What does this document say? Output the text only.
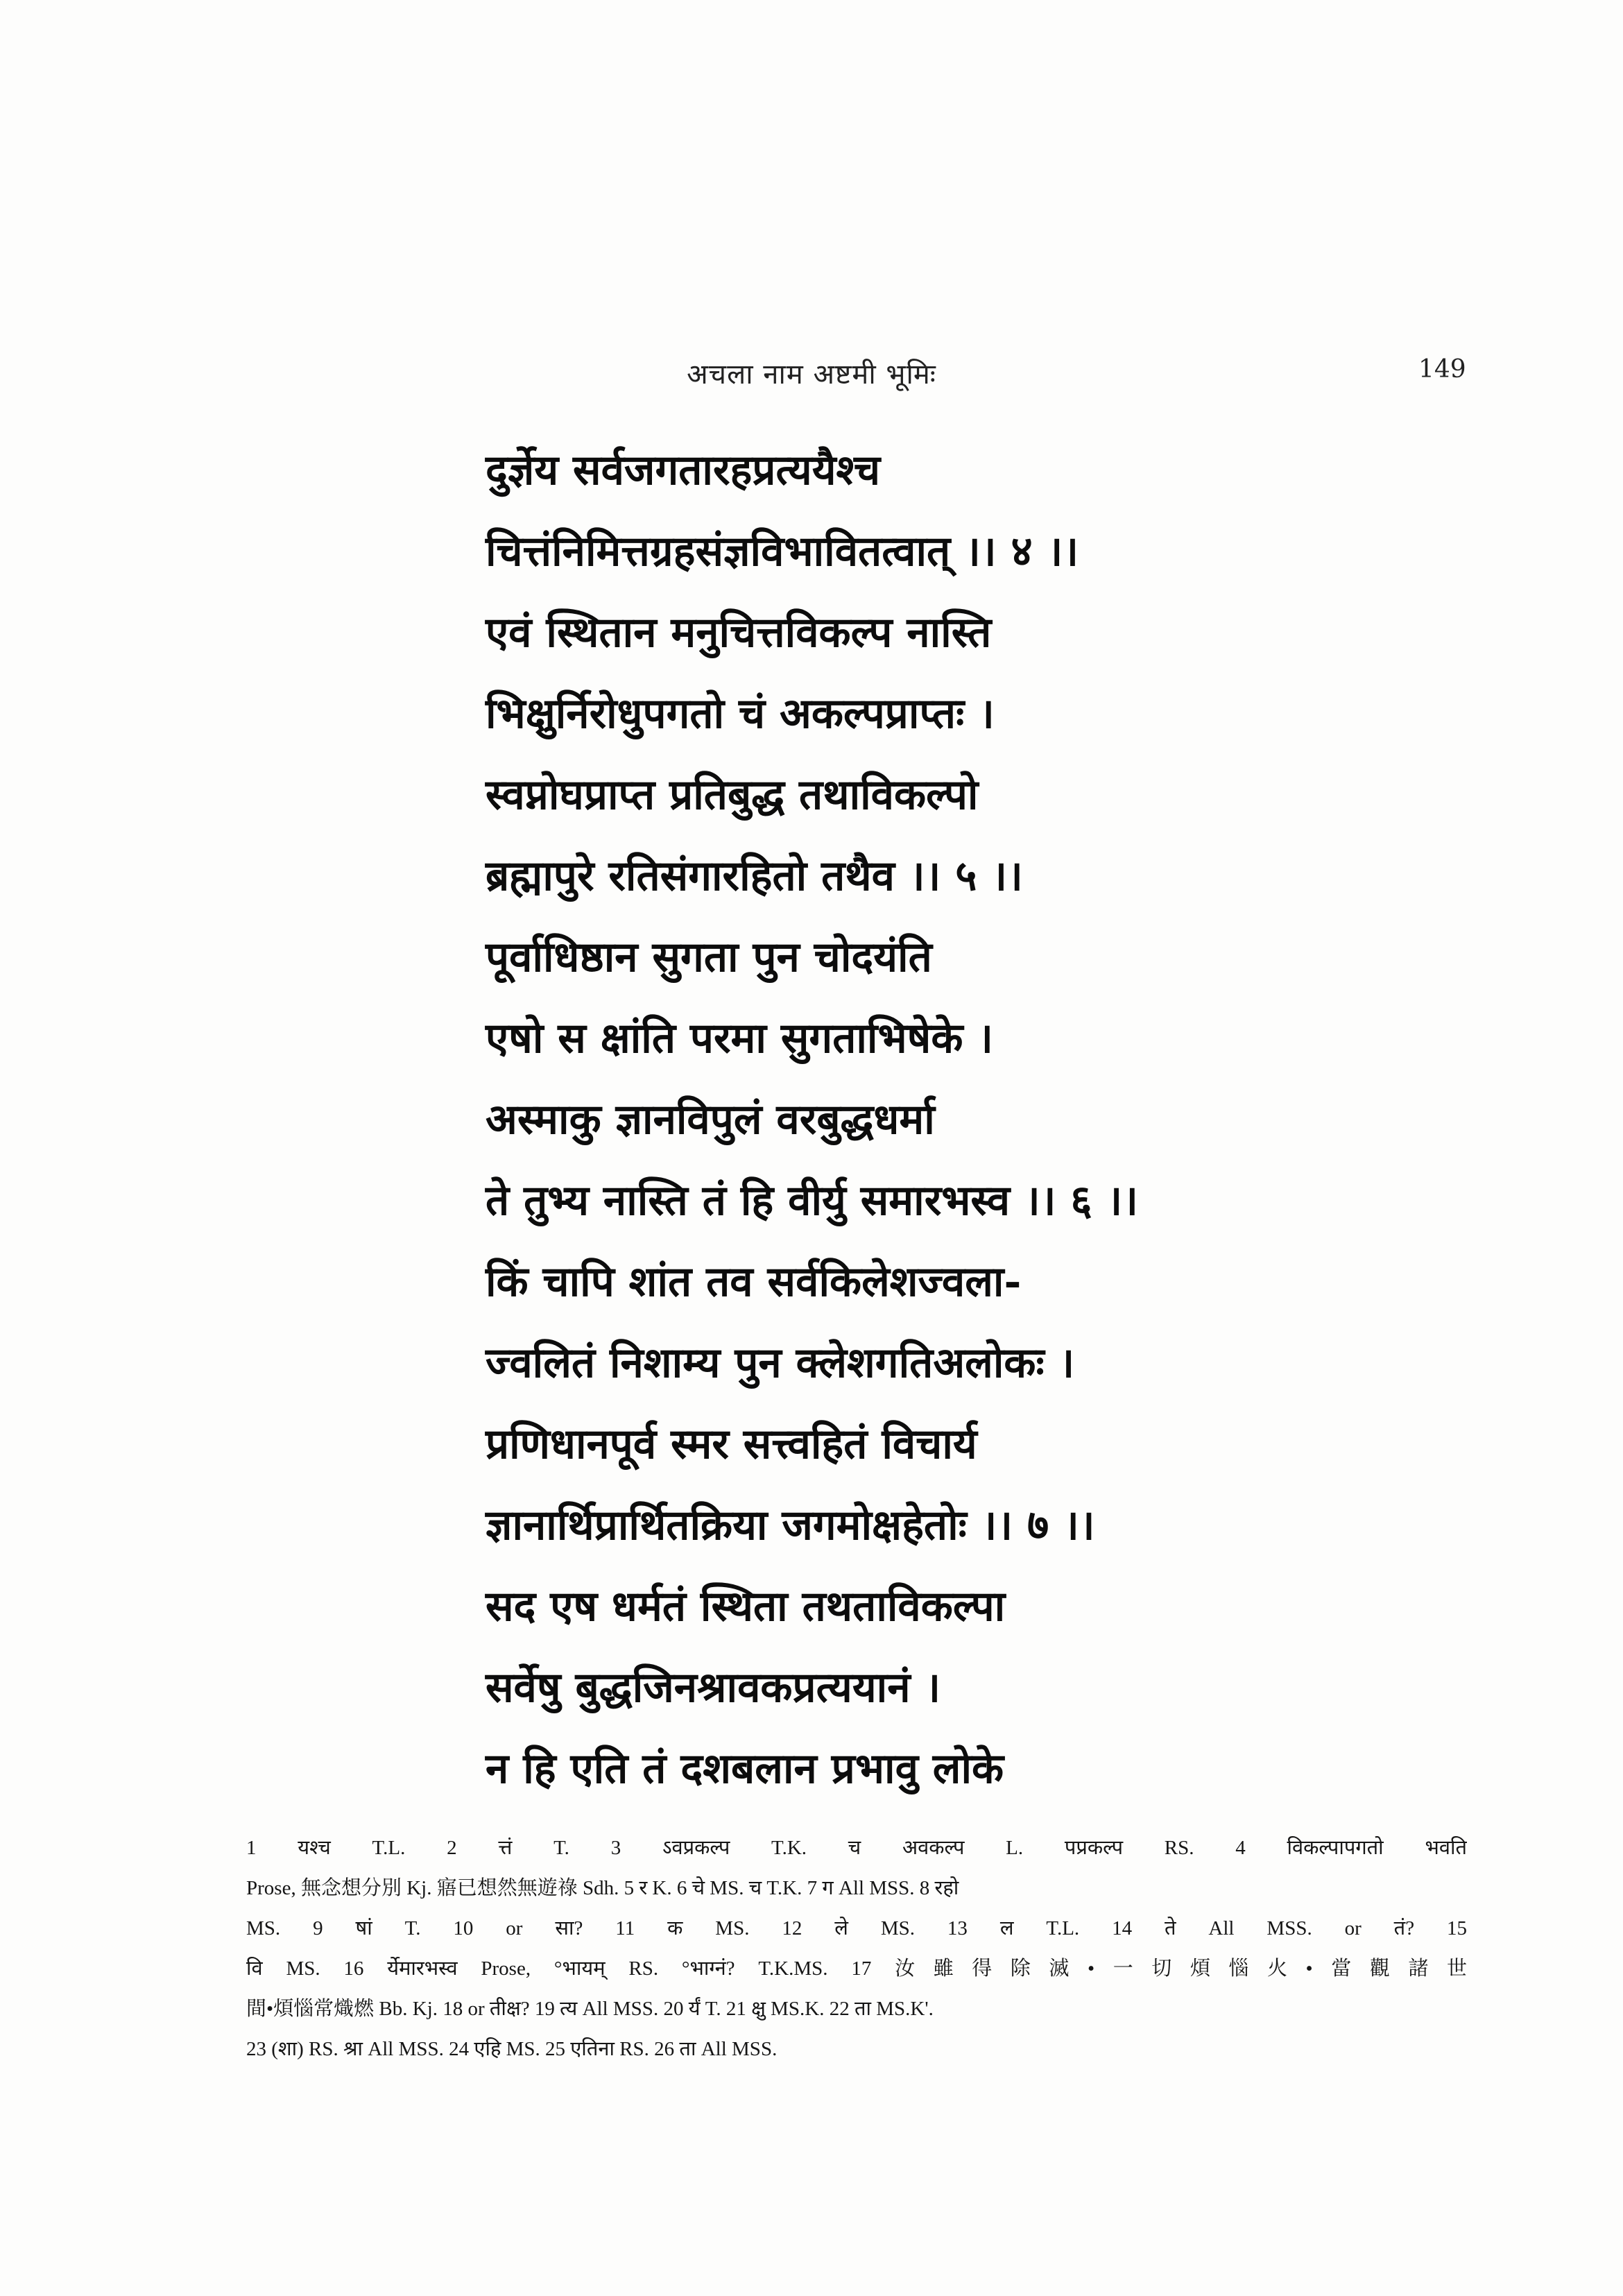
अचला नाम अष्टमी भूमिः	149
दुर्ज्ञेय सर्वजगतारहप्रत्ययैश्च
चित्तंनिमित्तग्रहसंज्ञविभावितत्वात् ।। ४ ।।
एवं स्थितान मनुचित्तविकल्प नास्ति
भिक्षुर्निरोधुपगतो चं अकल्पप्राप्तः ।
स्वप्नोघप्राप्त प्रतिबुद्ध तथाविकल्पो
ब्रह्मापुरे रतिसंगारहितो तथैव ।। ५ ।।
पूर्वाधिष्ठान सुगता पुन चोदयंति
एषो स क्षांति परमा सुगताभिषेके ।
अस्माकु ज्ञानविपुलं वरबुद्धधर्मा
ते तुभ्य नास्ति तं हि वीर्यु समारभस्व ।। ६ ।।
किं चापि शांत तव सर्वकिलेशज्वला-
ज्वलितं निशाम्य पुन क्लेशगतिअलोकः ।
प्रणिधानपूर्व स्मर सत्त्वहितं विचार्य
ज्ञानार्थिप्रार्थितक्रिया जगमोक्षहेतोः ।। ७ ।।
सद एष धर्मतं स्थिता तथताविकल्पा
सर्वेषु बुद्धजिनश्रावकप्रत्ययानं ।
न हि एति तं दशबलान प्रभावु लोके
1 यश्च T.L. 2 त्तं T. 3 ऽवप्रकल्प T.K. च अवकल्प L. पप्रकल्प RS. 4 विकल्पापगतो भवति
Prose, 無念想分別 Kj. 寤已想然無遊祿 Sdh. 5 र K. 6 चे MS. च T.K. 7 ग All MSS. 8 रहो
MS. 9 षां T. 10 or सा? 11 क MS. 12 ले MS. 13 ल T.L. 14 ते All MSS. or तं? 15
वि MS. 16 र्येमारभस्व Prose, °भायम् RS. °भाग्नं? T.K.MS. 17 汝雖得除滅•一切煩惱火•當觀諸世
間•煩惱常熾燃 Bb. Kj. 18 or तीक्ष? 19 त्य All MSS. 20 र्यं T. 21 क्षु MS.K. 22 ता MS.K'.
23 (शा) RS. श्रा All MSS. 24 एहि MS. 25 एतिना RS. 26 ता All MSS.
